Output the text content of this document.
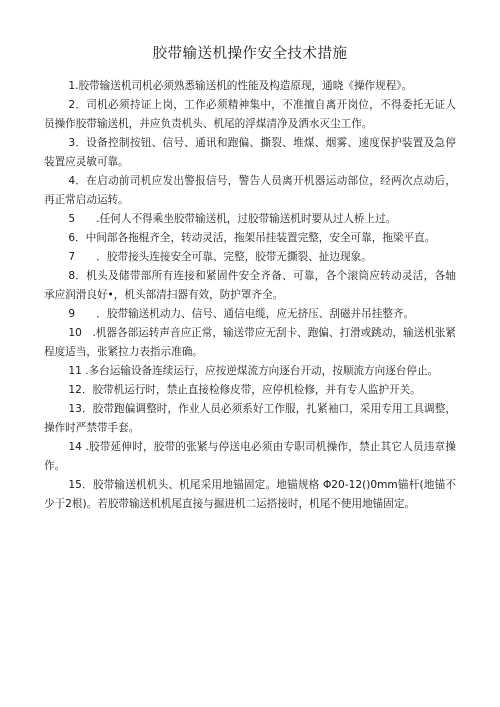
胶带输送机操作安全技术措施

1.胶带输送机司机必须熟悉输送机的性能及构造原现，通晓《操作规程》。

2．司机必须持证上岗，工作必须精神集中，不准擅自离开岗位，不得委托无证人员操作胶带输送机，并应负责机头、机尾的浮煤清净及洒水灭尘工作。

3．设备控制按钮、信号、通讯和跑偏、撕裂、堆煤、烟雾、速度保护装置及急停装置应灵敏可靠。

4．在启动前司机应发出警报信号，警告人员离开机器运动部位，经两次点动后，再正常启动运转。

5　　.任何人不得乘坐胶带输送机，过胶带输送机时要从过人桥上过。

6．中间部各拖棍齐全，转动灵活，拖架吊挂装置完整，安全可靠，拖梁平直。

7　　．胶带接头连接安全可靠、完整，胶带无撕裂、扯边现象。

8．机头及储带部所有连接和紧固件安全齐备、可靠，各个滚筒应转动灵活，各轴承应润滑良好•，机头部清扫器有效，防护罩齐全。

9　　．胶带输送机动力、信号、通信电缆，应无挤压、刮磁并吊挂整齐。

10　.机器各部运转声音应正常，输送带应无刮卡、跑偏、打滑或跳动，输送机张紧程度适当，张紧拉力表指示准确。

11 .多台运输设备连续运行，应按逆煤流方向逐台开动，按顺流方向逐台停止。

12．胶带机运行时，禁止直接检修皮带，应停机检修，并有专人监护开关。

13．胶带跑偏调整时，作业人员必须系好工作服，扎紧袖口，采用专用工具调整，操作时严禁带手套。

14 .胶带延伸时，胶带的张紧与停送电必须由专职司机操作，禁止其它人员违章操作。

15．胶带输送机机头、机尾采用地锚固定。地锚规格 Φ20-12()0mm锚杆(地锚不少于2根)。若胶带输送机机尾直接与掘进机二运搭接时，机尾不使用地锚固定。
